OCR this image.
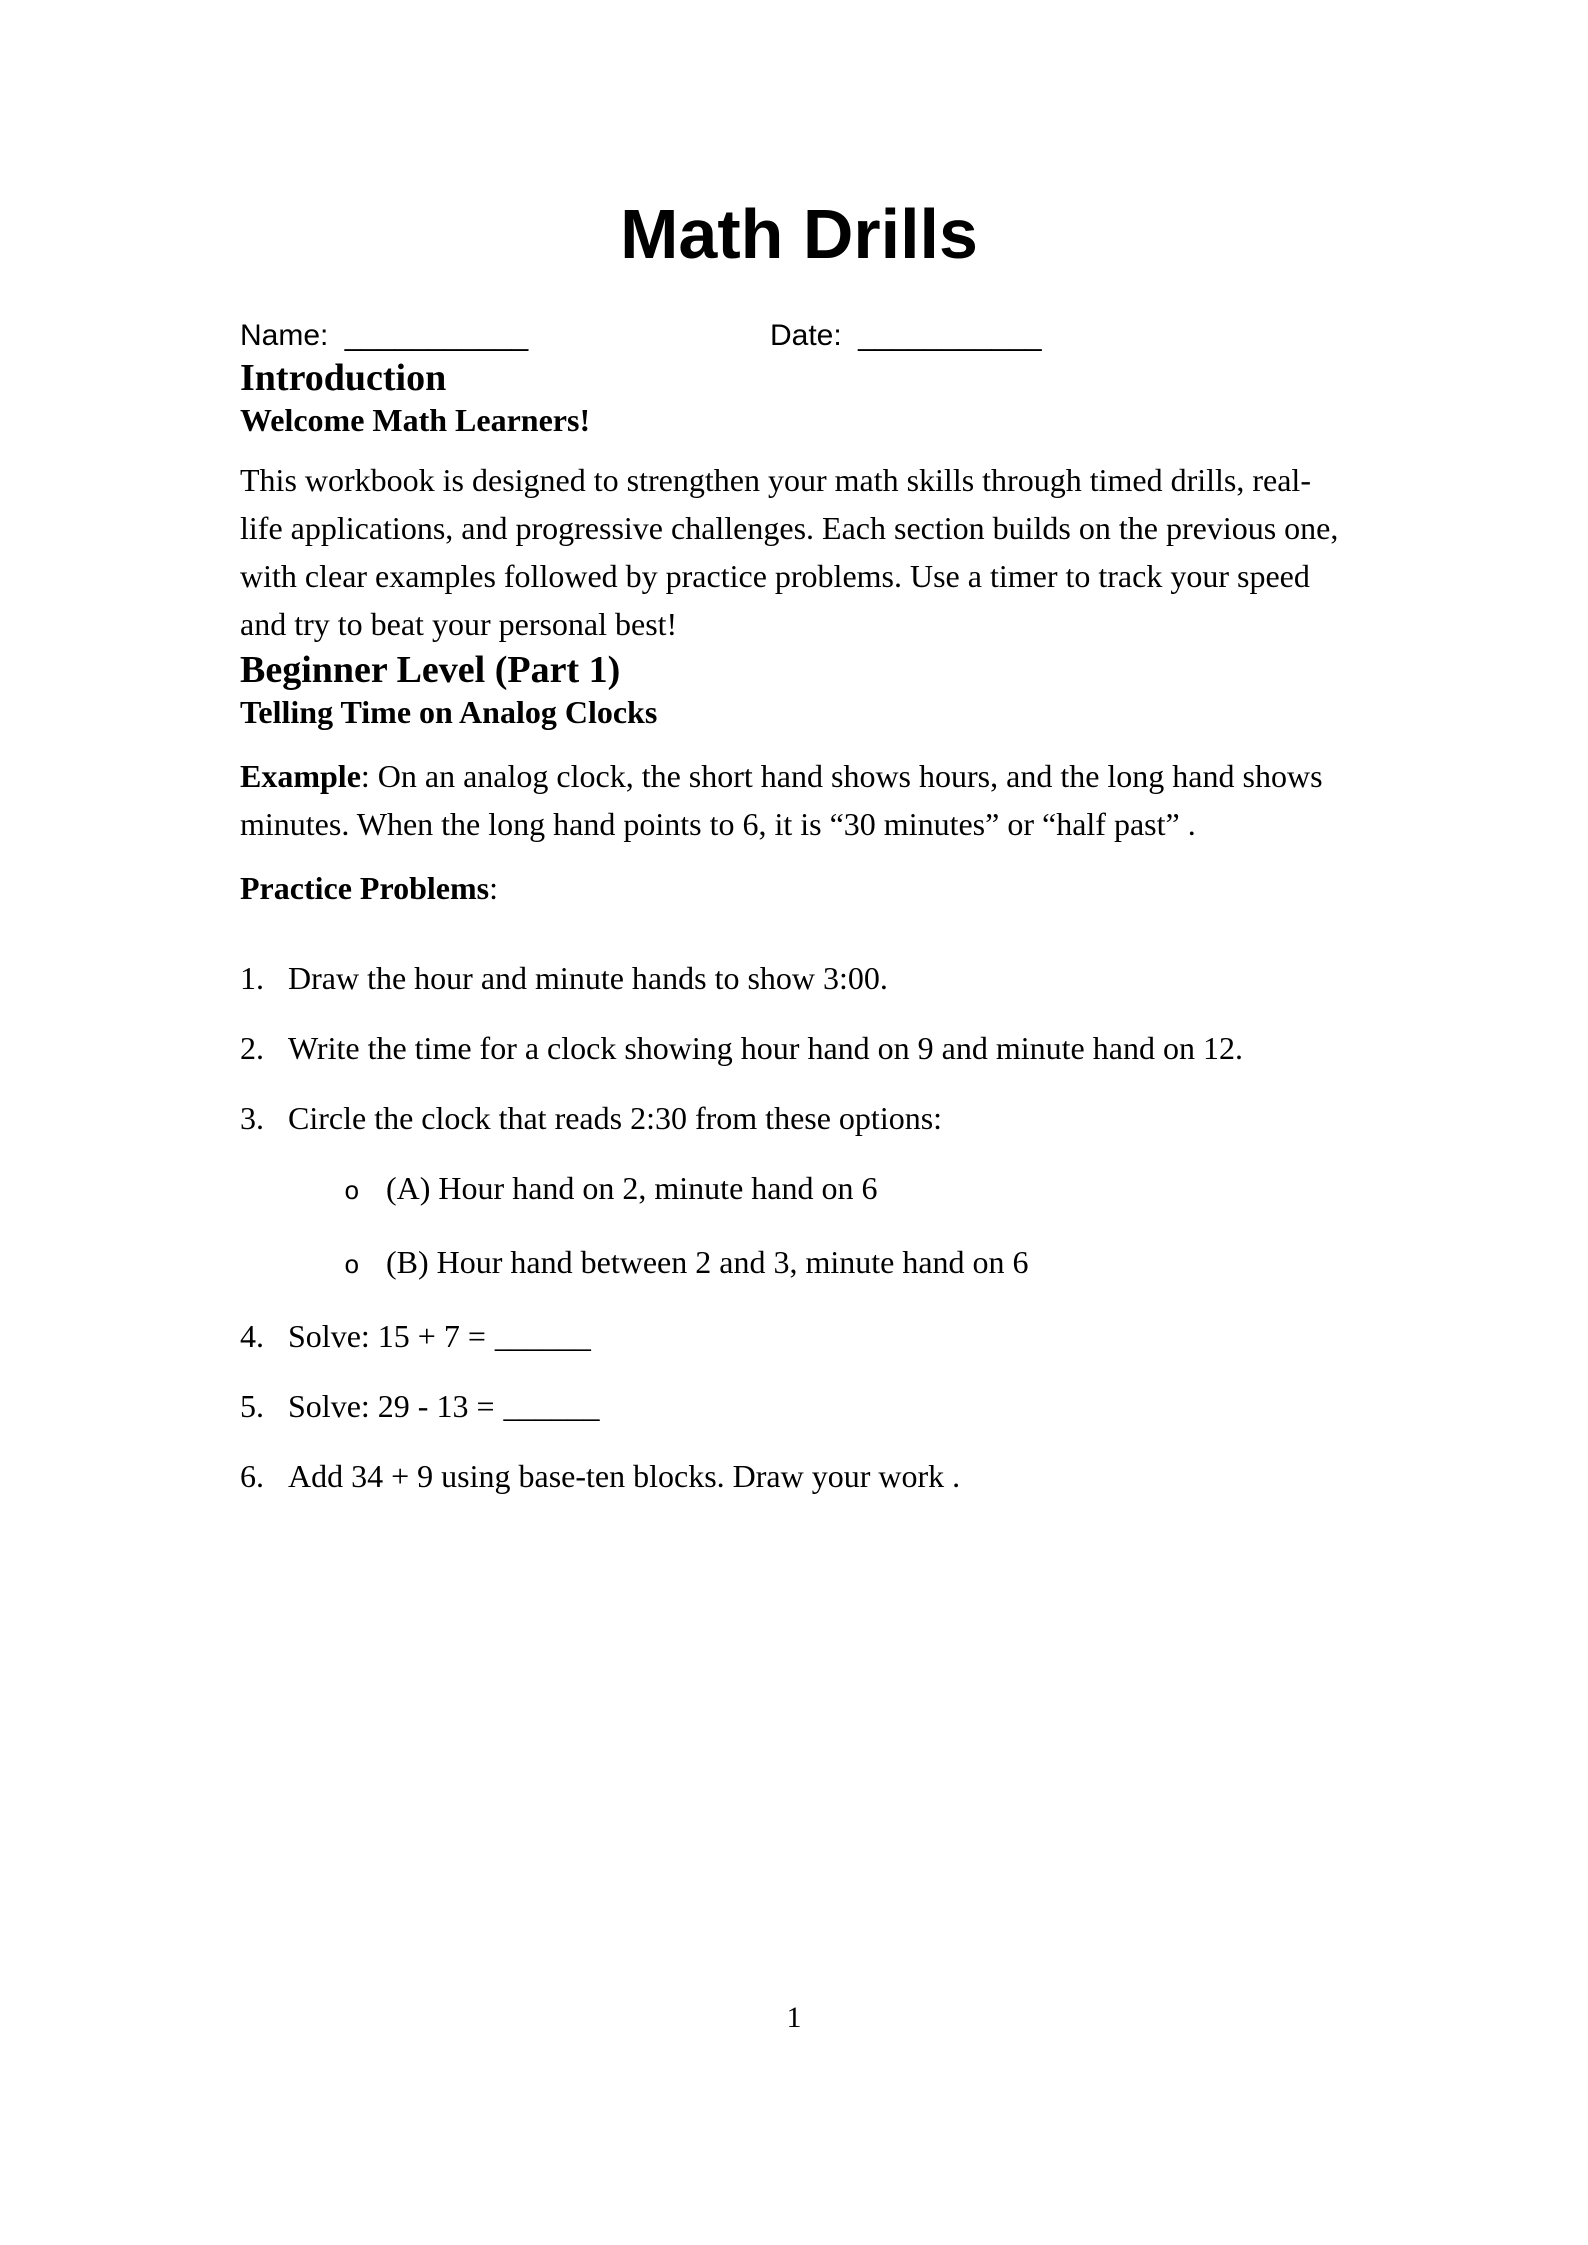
Math Drills
Name: ___________	Date: ___________
Introduction
Welcome Math Learners!
This workbook is designed to strengthen your math skills through timed drills, real-
life applications, and progressive challenges. Each section builds on the previous one,
with clear examples followed by practice problems. Use a timer to track your speed
and try to beat your personal best!
Beginner Level (Part 1)
Telling Time on Analog Clocks
Example: On an analog clock, the short hand shows hours, and the long hand shows
minutes. When the long hand points to 6, it is “30 minutes” or “half past” .
Practice Problems:
1. Draw the hour and minute hands to show 3:00.
2. Write the time for a clock showing hour hand on 9 and minute hand on 12.
3. Circle the clock that reads 2:30 from these options:
o (A) Hour hand on 2, minute hand on 6
o (B) Hour hand between 2 and 3, minute hand on 6
4. Solve: 15 + 7 = ______
5. Solve: 29 - 13 = ______
6. Add 34 + 9 using base-ten blocks. Draw your work .
1
